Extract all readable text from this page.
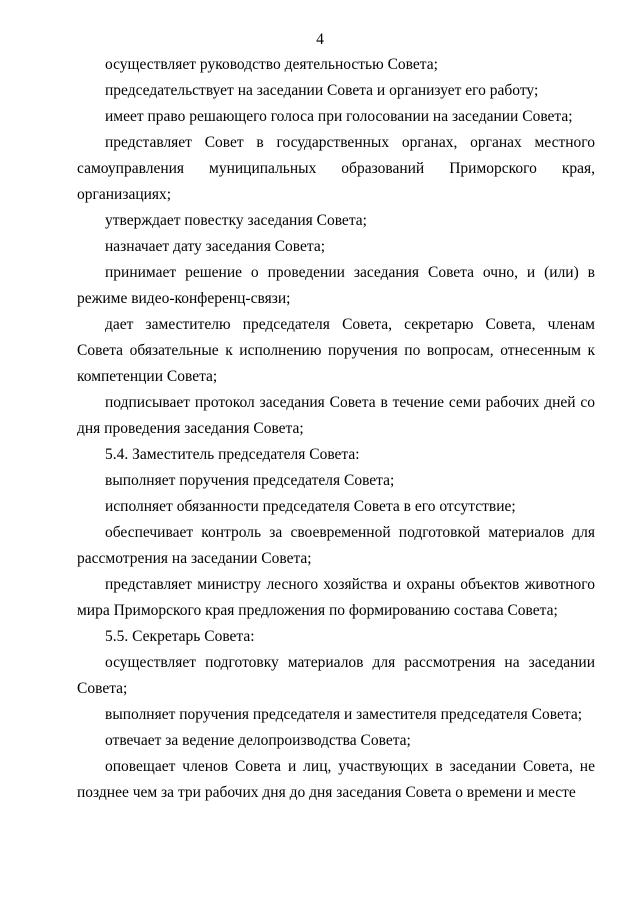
4

осуществляет руководство деятельностью Совета;

председательствует на заседании Совета и организует его работу;

имеет право решающего голоса при голосовании на заседании Совета;

представляет Совет в государственных органах, органах местного самоуправления муниципальных образований Приморского края, организациях;

утверждает повестку заседания Совета;

назначает дату заседания Совета;

принимает решение о проведении заседания Совета очно, и (или) в режиме видео-конференц-связи;

дает заместителю председателя Совета, секретарю Совета, членам Совета обязательные к исполнению поручения по вопросам, отнесенным к компетенции Совета;

подписывает протокол заседания Совета в течение семи рабочих дней со дня проведения заседания Совета;

5.4. Заместитель председателя Совета:

выполняет поручения председателя Совета;

исполняет обязанности председателя Совета в его отсутствие;

обеспечивает контроль за своевременной подготовкой материалов для рассмотрения на заседании Совета;

представляет министру лесного хозяйства и охраны объектов животного мира Приморского края предложения по формированию состава Совета;

5.5. Секретарь Совета:

осуществляет подготовку материалов для рассмотрения на заседании Совета;

выполняет поручения председателя и заместителя председателя Совета;

отвечает за ведение делопроизводства Совета;

оповещает членов Совета и лиц, участвующих в заседании Совета, не позднее чем за три рабочих дня до дня заседания Совета о времени и месте
